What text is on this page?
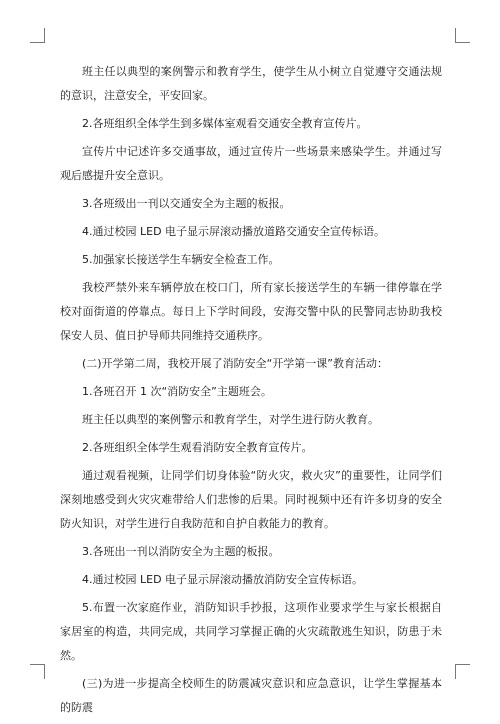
班主任以典型的案例警示和教育学生，使学生从小树立自觉遵守交通法规的意识，注意安全，平安回家。

2.各班组织全体学生到多媒体室观看交通安全教育宣传片。

宣传片中记述许多交通事故，通过宣传片一些场景来感染学生。并通过写观后感提升安全意识。

3.各班级出一刊以交通安全为主题的板报。

4.通过校园 LED 电子显示屏滚动播放道路交通安全宣传标语。

5.加强家长接送学生车辆安全检查工作。

我校严禁外来车辆停放在校口门，所有家长接送学生的车辆一律停靠在学校对面街道的停靠点。每日上下学时间段，安海交警中队的民警同志协助我校保安人员、值日护导师共同维持交通秩序。

(二)开学第二周，我校开展了消防安全“开学第一课”教育活动：

1.各班召开 1 次“消防安全”主题班会。

班主任以典型的案例警示和教育学生，对学生进行防火教育。

2.各班组织全体学生观看消防安全教育宣传片。

通过观看视频，让同学们切身体验“防火灾，救火灾”的重要性，让同学们深刻地感受到火灾灾难带给人们悲惨的后果。同时视频中还有许多切身的安全防火知识，对学生进行自我防范和自护自救能力的教育。

3.各班出一刊以消防安全为主题的板报。

4.通过校园 LED 电子显示屏滚动播放消防安全宣传标语。

5.布置一次家庭作业，消防知识手抄报，这项作业要求学生与家长根据自家居室的构造，共同完成，共同学习掌握正确的火灾疏散逃生知识，防患于未然。

(三)为进一步提高全校师生的防震减灾意识和应急意识，让学生掌握基本的防震
